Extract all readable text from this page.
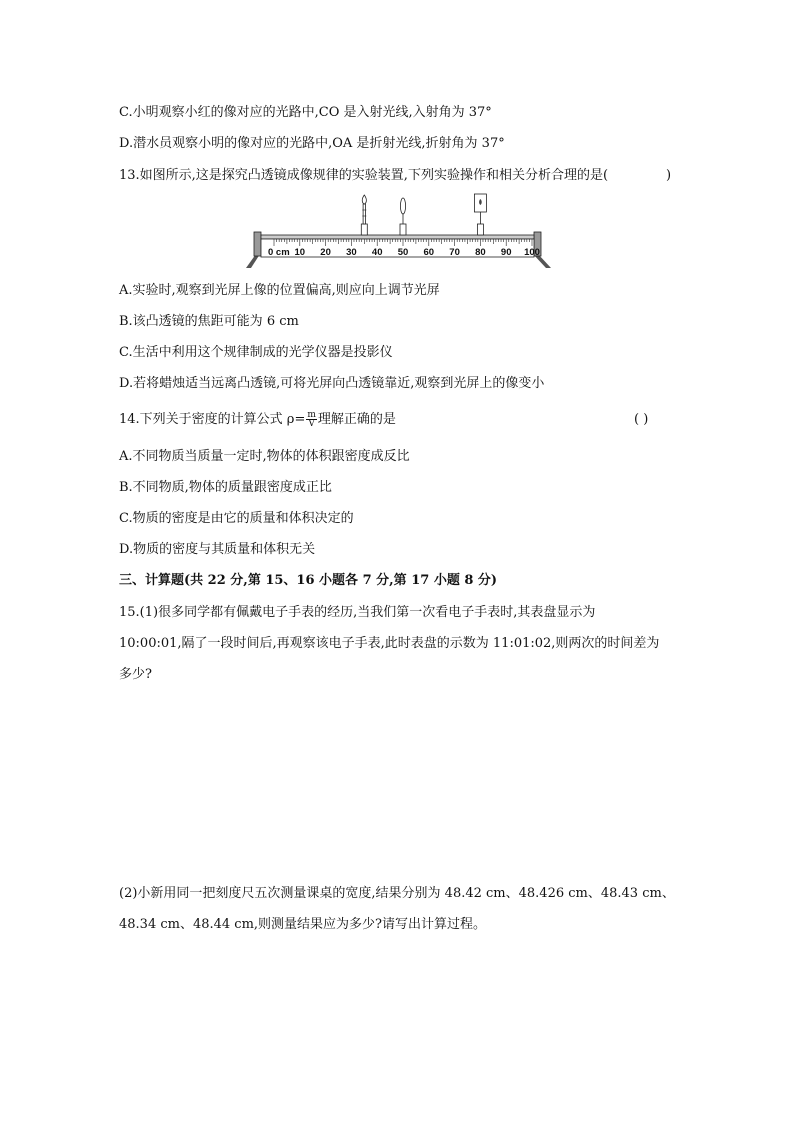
C.小明观察小红的像对应的光路中,CO 是入射光线,入射角为 37°
D.潜水员观察小明的像对应的光路中,OA 是折射光线,折射角为 37°
13.如图所示,这是探究凸透镜成像规律的实验装置,下列实验操作和相关分析合理的是(	)
0 cm 10 20 30 40 50 60 70 80 90 100
A.实验时,观察到光屏上像的位置偏高,则应向上调节光屏
B.该凸透镜的焦距可能为 6 cm
C.生活中利用这个规律制成的光学仪器是投影仪
D.若将蜡烛适当远离凸透镜,可将光屏向凸透镜靠近,观察到光屏上的像变小
14.下列关于密度的计算公式 $\rho= \frac{m}{V}$ 理解正确的是	( )
A.不同物质当质量一定时,物体的体积跟密度成反比
B.不同物质,物体的质量跟密度成正比
C.物质的密度是由它的质量和体积决定的
D.物质的密度与其质量和体积无关
三、计算题(共 22 分,第 15、16 小题各 7 分,第 17 小题 8 分)
15.(1)很多同学都有佩戴电子手表的经历,当我们第一次看电子手表时,其表盘显示为
10:00:01,隔了一段时间后,再观察该电子手表,此时表盘的示数为 11:01:02,则两次的时间差为
多少?
(2)小新用同一把刻度尺五次测量课桌的宽度,结果分别为 48.42 cm、48.426 cm、48.43 cm、
48.34 cm、48.44 cm,则测量结果应为多少?请写出计算过程。
